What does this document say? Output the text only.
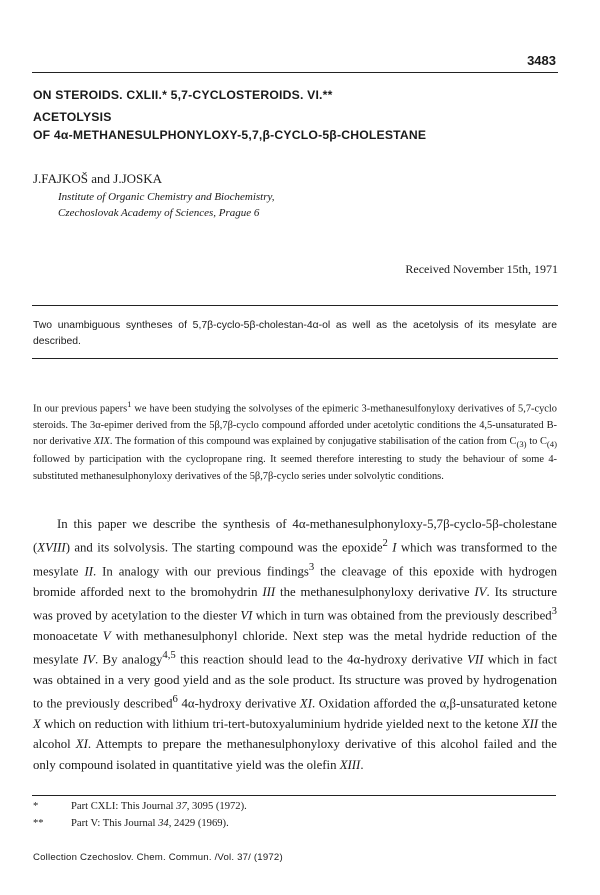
3483
ON STEROIDS. CXLII.* 5,7-CYCLOSTEROIDS. VI.**
ACETOLYSIS
OF 4α-METHANESULPHONYLOXY-5,7,β-CYCLO-5β-CHOLESTANE
J.FAJKOŠ and J.JOSKA
Institute of Organic Chemistry and Biochemistry,
Czechoslovak Academy of Sciences, Prague 6
Received November 15th, 1971
Two unambiguous syntheses of 5,7β-cyclo-5β-cholestan-4α-ol as well as the acetolysis of its mesylate are described.
In our previous papers$^1$ we have been studying the solvolyses of the epimeric 3-methanesulfonyloxy derivatives of 5,7-cyclo steroids. The 3α-epimer derived from the 5β,7β-cyclo compound afforded under acetolytic conditions the 4,5-unsaturated B-nor derivative XIX. The formation of this compound was explained by conjugative stabilisation of the cation from $C_{(3)}$ to $C_{(4)}$ followed by participation with the cyclopropane ring. It seemed therefore interesting to study the behaviour of some 4-substituted methanesulphonyloxy derivatives of the 5β,7β-cyclo series under solvolytic conditions.
In this paper we describe the synthesis of 4α-methanesulphonyloxy-5,7β-cyclo-5β-cholestane (XVIII) and its solvolysis. The starting compound was the epoxide$^2$ I which was transformed to the mesylate II. In analogy with our previous findings$^3$ the cleavage of this epoxide with hydrogen bromide afforded next to the bromohydrin III the methanesulphonyloxy derivative IV. Its structure was proved by acetylation to the diester VI which in turn was obtained from the previously described$^3$ monoacetate V with methanesulphonyl chloride. Next step was the metal hydride reduction of the mesylate IV. By analogy$^{4,5}$ this reaction should lead to the 4α-hydroxy derivative VII which in fact was obtained in a very good yield and as the sole product. Its structure was proved by hydrogenation to the previously described$^6$ 4α-hydroxy derivative XI. Oxidation afforded the α,β-unsaturated ketone X which on reduction with lithium tri-tert-butoxyaluminium hydride yielded next to the ketone XII the alcohol XI. Attempts to prepare the methanesulphonyloxy derivative of this alcohol failed and the only compound isolated in quantitative yield was the olefin XIII.
*	Part CXLI: This Journal 37, 3095 (1972).
**	Part V: This Journal 34, 2429 (1969).
Collection Czechoslov. Chem. Commun. /Vol. 37/ (1972)
